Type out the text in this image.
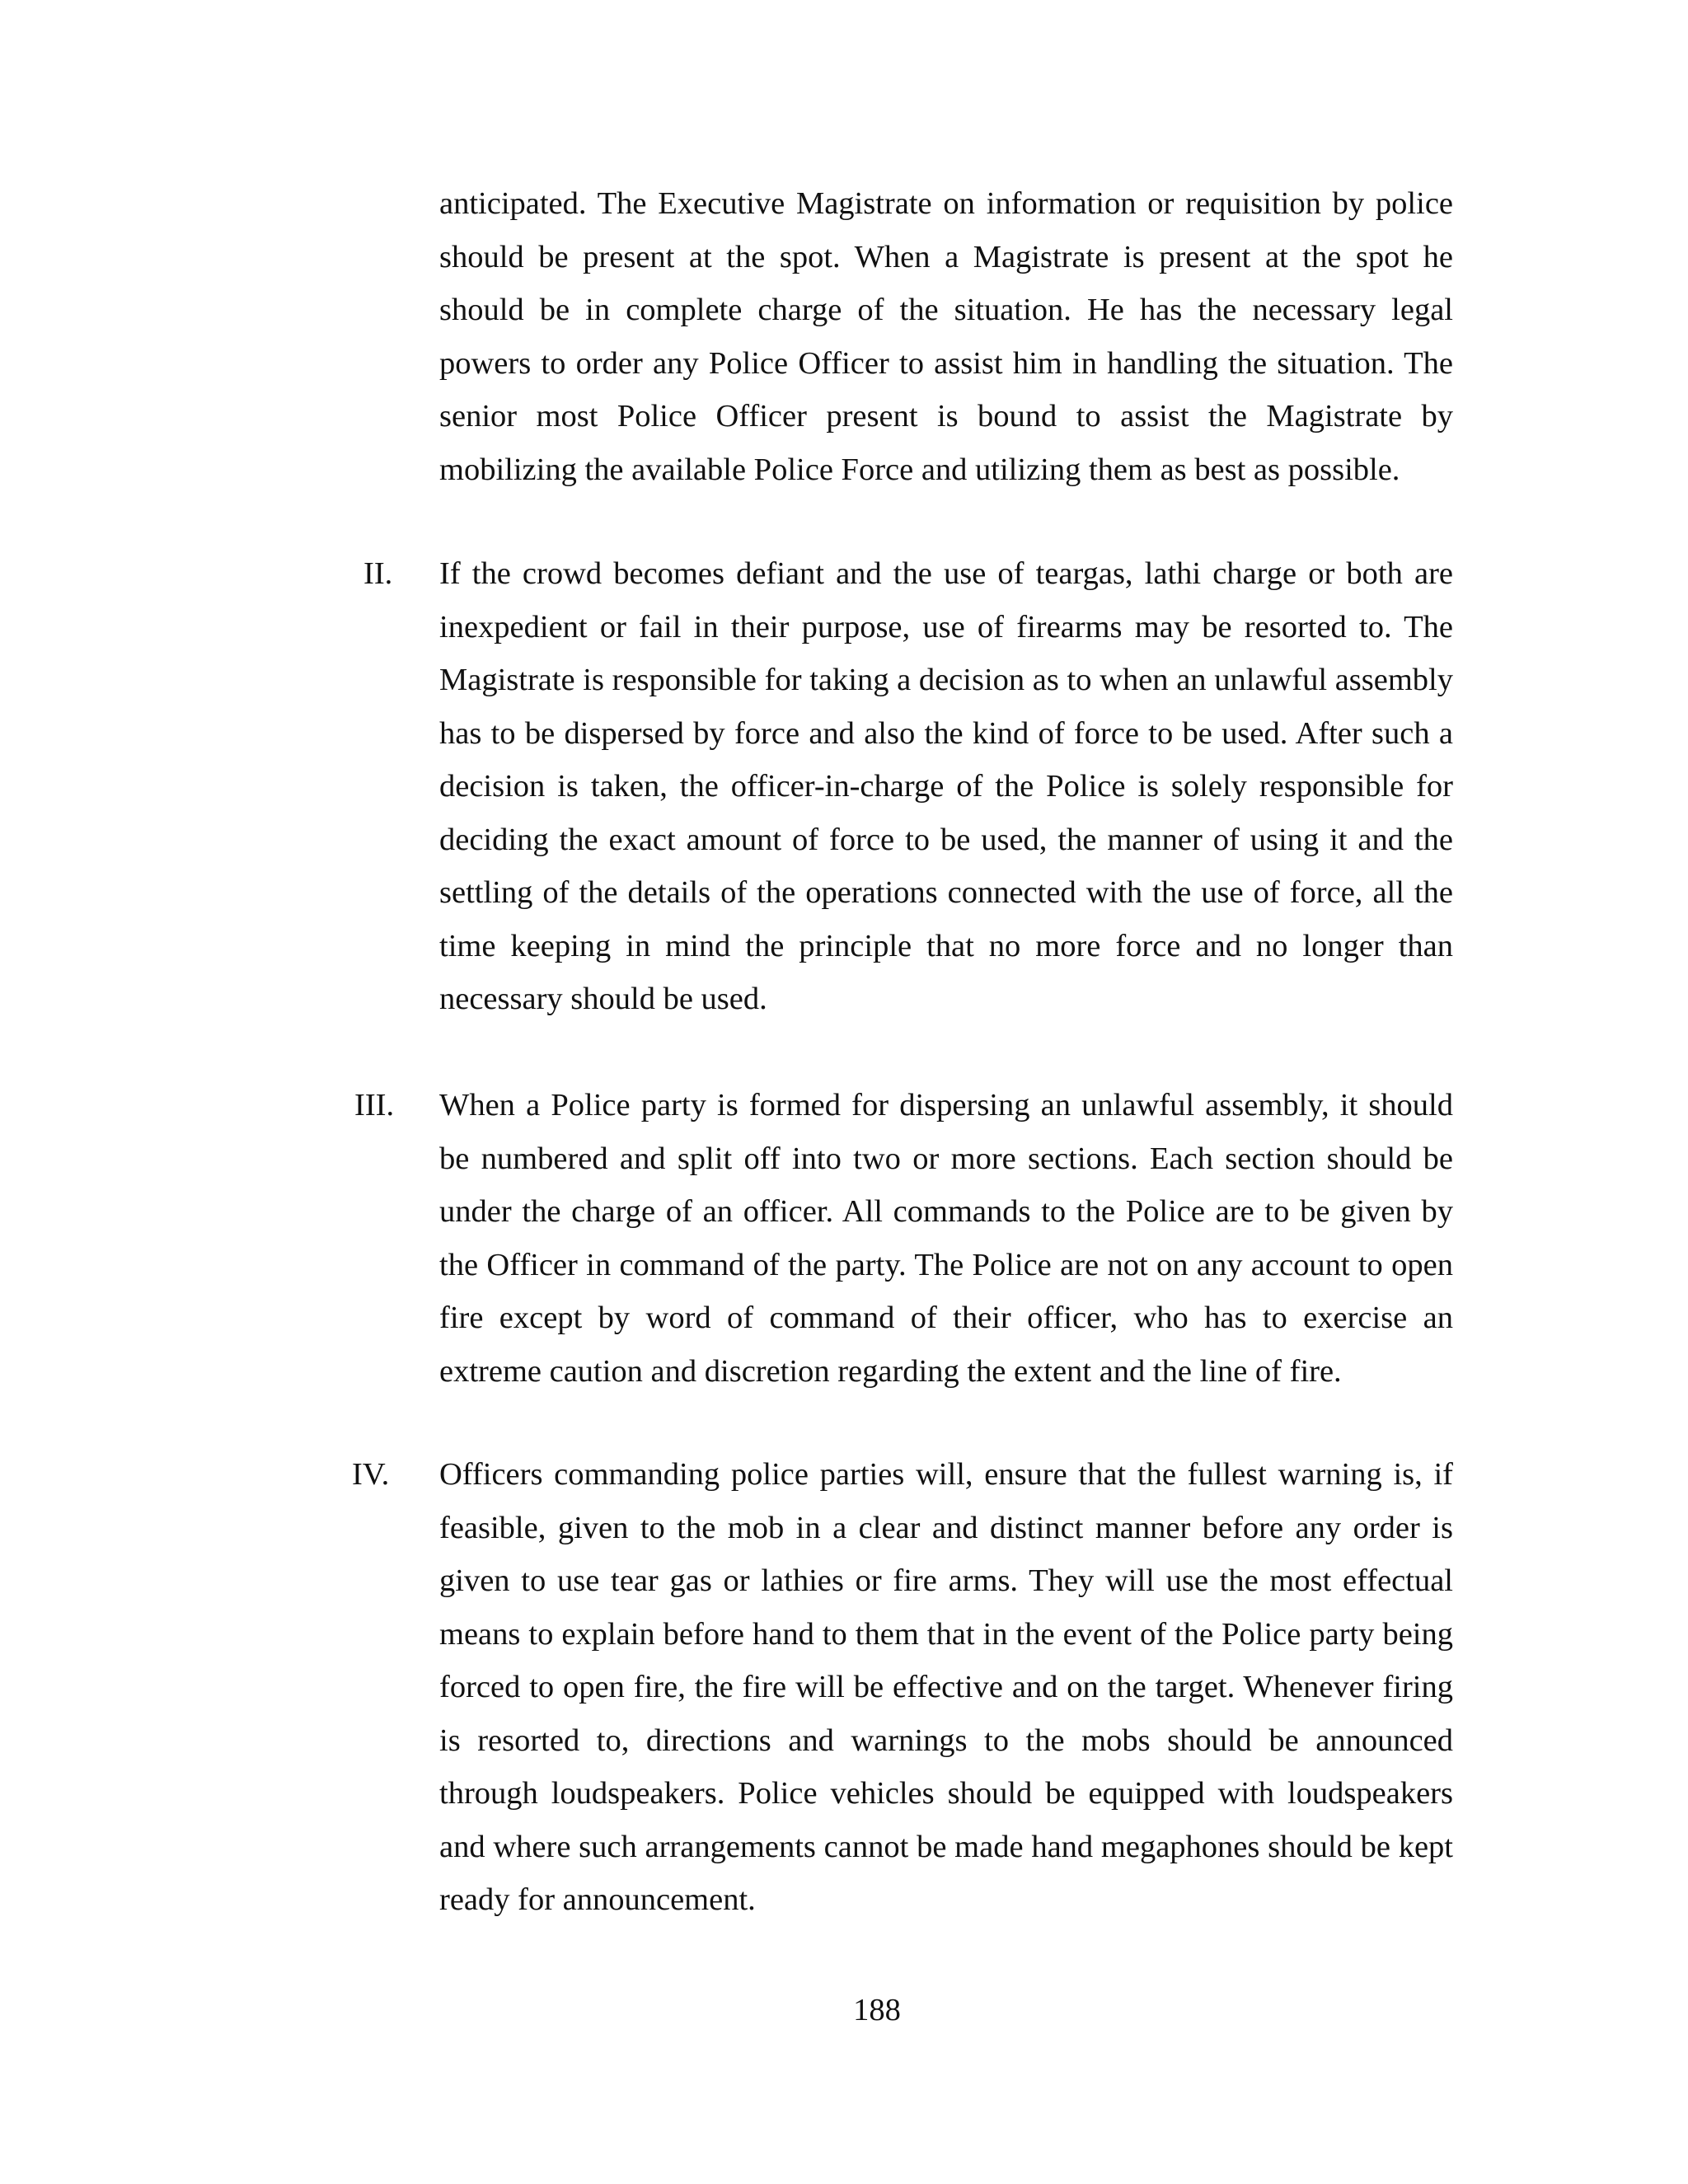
anticipated. The Executive Magistrate on information or requisition by police should be present at the spot. When a Magistrate is present at the spot he should be in complete charge of the situation. He has the necessary legal powers to order any Police Officer to assist him in handling the situation. The senior most Police Officer present is bound to assist the Magistrate by mobilizing the available Police Force and utilizing them as best as possible.

II. If the crowd becomes defiant and the use of teargas, lathi charge or both are inexpedient or fail in their purpose, use of firearms may be resorted to. The Magistrate is responsible for taking a decision as to when an unlawful assembly has to be dispersed by force and also the kind of force to be used. After such a decision is taken, the officer-in-charge of the Police is solely responsible for deciding the exact amount of force to be used, the manner of using it and the settling of the details of the operations connected with the use of force, all the time keeping in mind the principle that no more force and no longer than necessary should be used.

III. When a Police party is formed for dispersing an unlawful assembly, it should be numbered and split off into two or more sections. Each section should be under the charge of an officer. All commands to the Police are to be given by the Officer in command of the party. The Police are not on any account to open fire except by word of command of their officer, who has to exercise an extreme caution and discretion regarding the extent and the line of fire.

IV. Officers commanding police parties will, ensure that the fullest warning is, if feasible, given to the mob in a clear and distinct manner before any order is given to use tear gas or lathies or fire arms. They will use the most effectual means to explain before hand to them that in the event of the Police party being forced to open fire, the fire will be effective and on the target. Whenever firing is resorted to, directions and warnings to the mobs should be announced through loudspeakers. Police vehicles should be equipped with loudspeakers and where such arrangements cannot be made hand megaphones should be kept ready for announcement.

188
